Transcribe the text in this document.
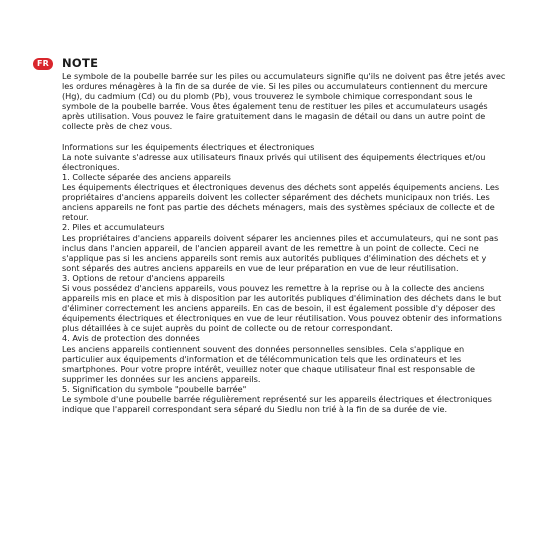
FR	NOTE

Le symbole de la poubelle barrée sur les piles ou accumulateurs signifie qu'ils ne doivent pas être jetés avec les ordures ménagères à la fin de sa durée de vie. Si les piles ou accumulateurs contiennent du mercure (Hg), du cadmium (Cd) ou du plomb (Pb), vous trouverez le symbole chimique correspondant sous le symbole de la poubelle barrée. Vous êtes également tenu de restituer les piles et accumulateurs usagés après utilisation. Vous pouvez le faire gratuitement dans le magasin de détail ou dans un autre point de collecte près de chez vous.

Informations sur les équipements électriques et électroniques

La note suivante s'adresse aux utilisateurs finaux privés qui utilisent des équipements électriques et/ou électroniques.

1. Collecte séparée des anciens appareils

Les équipements électriques et électroniques devenus des déchets sont appelés équipements anciens. Les propriétaires d'anciens appareils doivent les collecter séparément des déchets municipaux non triés. Les anciens appareils ne font pas partie des déchets ménagers, mais des systèmes spéciaux de collecte et de retour.

2. Piles et accumulateurs

Les propriétaires d'anciens appareils doivent séparer les anciennes piles et accumulateurs, qui ne sont pas inclus dans l'ancien appareil, de l'ancien appareil avant de les remettre à un point de collecte. Ceci ne s'applique pas si les anciens appareils sont remis aux autorités publiques d'élimination des déchets et y sont séparés des autres anciens appareils en vue de leur préparation en vue de leur réutilisation.

3. Options de retour d'anciens appareils

Si vous possédez d'anciens appareils, vous pouvez les remettre à la reprise ou à la collecte des anciens appareils mis en place et mis à disposition par les autorités publiques d'élimination des déchets dans le but d'éliminer correctement les anciens appareils. En cas de besoin, il est également possible d'y déposer des équipements électriques et électroniques en vue de leur réutilisation. Vous pouvez obtenir des informations plus détaillées à ce sujet auprès du point de collecte ou de retour correspondant.

4. Avis de protection des données

Les anciens appareils contiennent souvent des données personnelles sensibles. Cela s'applique en particulier aux équipements d'information et de télécommunication tels que les ordinateurs et les smartphones. Pour votre propre intérêt, veuillez noter que chaque utilisateur final est responsable de supprimer les données sur les anciens appareils.

5. Signification du symbole "poubelle barrée"

Le symbole d'une poubelle barrée régulièrement représenté sur les appareils électriques et électroniques indique que l'appareil correspondant sera séparé du Siedlu non trié à la fin de sa durée de vie.
